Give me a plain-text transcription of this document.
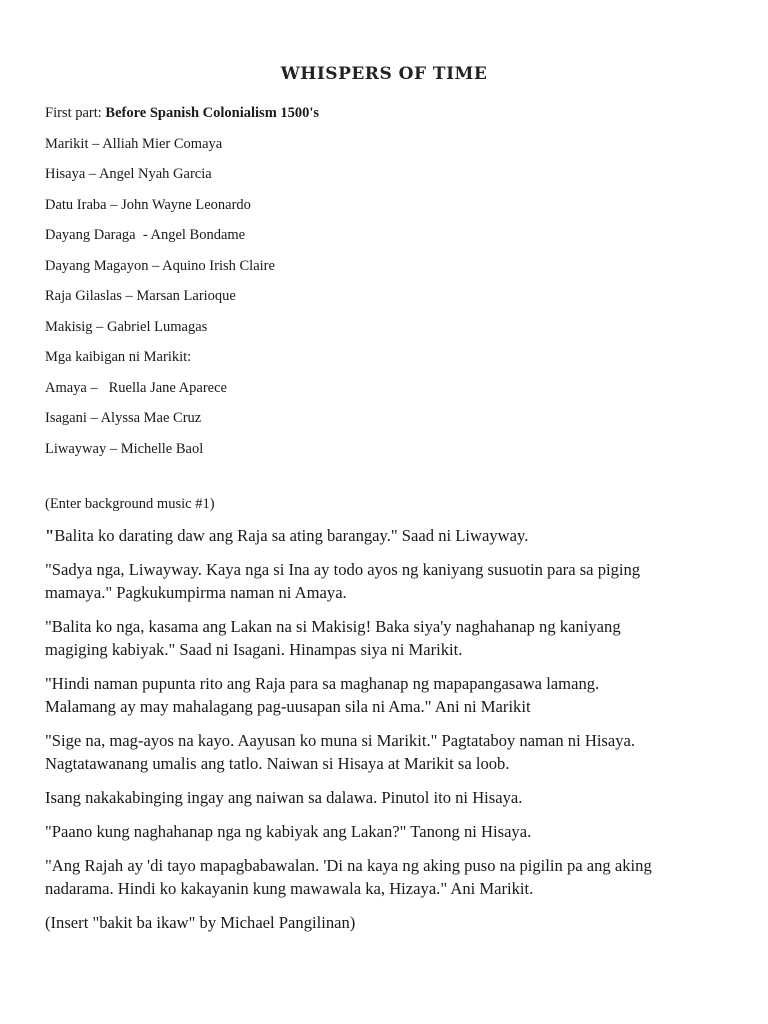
WHISPERS OF TIME
First part: Before Spanish Colonialism 1500's
Marikit – Alliah Mier Comaya
Hisaya – Angel Nyah Garcia
Datu Iraba – John Wayne Leonardo
Dayang Daraga  - Angel Bondame
Dayang Magayon – Aquino Irish Claire
Raja Gilaslas – Marsan Larioque
Makisig – Gabriel Lumagas
Mga kaibigan ni Marikit:
Amaya –   Ruella Jane Aparece
Isagani – Alyssa Mae Cruz
Liwayway – Michelle Baol
(Enter background music #1)

"Balita ko darating daw ang Raja sa ating barangay." Saad ni Liwayway.

"Sadya nga, Liwayway. Kaya nga si Ina ay todo ayos ng kaniyang susuotin para sa piging
mamaya." Pagkukumpirma naman ni Amaya.

"Balita ko nga, kasama ang Lakan na si Makisig! Baka siya'y naghahanap ng kaniyang
magiging kabiyak." Saad ni Isagani. Hinampas siya ni Marikit.

"Hindi naman pupunta rito ang Raja para sa maghanap ng mapapangasawa lamang.
Malamang ay may mahalagang pag-uusapan sila ni Ama." Ani ni Marikit

"Sige na, mag-ayos na kayo. Aayusan ko muna si Marikit." Pagtataboy naman ni Hisaya.
Nagtatawanang umalis ang tatlo. Naiwan si Hisaya at Marikit sa loob.

Isang nakakabinging ingay ang naiwan sa dalawa. Pinutol ito ni Hisaya.

"Paano kung naghahanap nga ng kabiyak ang Lakan?" Tanong ni Hisaya.

"Ang Rajah ay 'di tayo mapagbabawalan. 'Di na kaya ng aking puso na pigilin pa ang aking
nadarama. Hindi ko kakayanin kung mawawala ka, Hizaya." Ani Marikit.

(Insert "bakit ba ikaw" by Michael Pangilinan)
